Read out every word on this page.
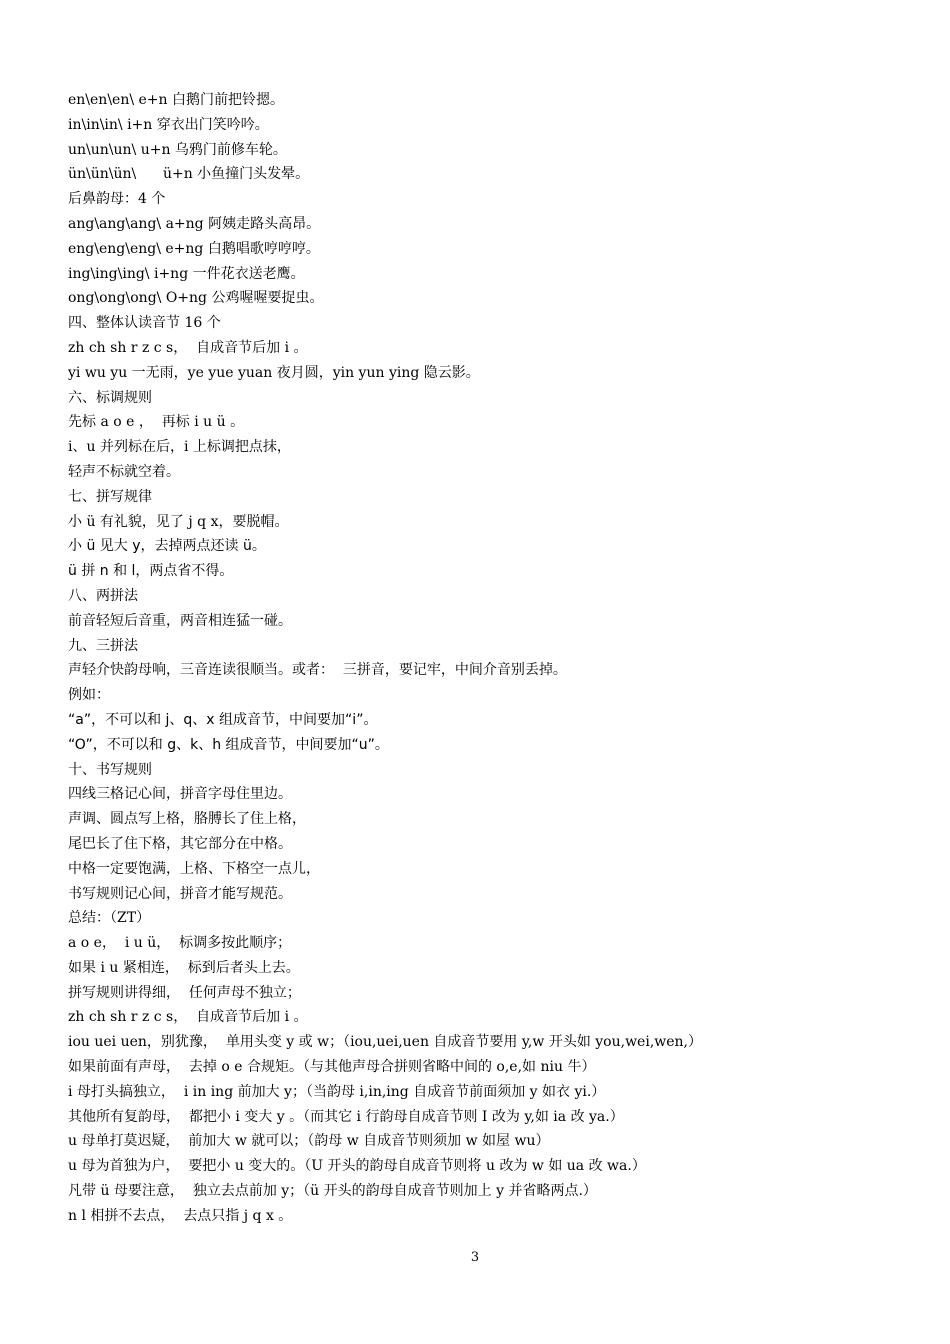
en\en\en\ e+n 白鹅门前把铃摁。
in\in\in\ i+n 穿衣出门笑吟吟。
un\un\un\ u+n 乌鸦门前修车轮。
ün\ün\ün\      ü+n 小鱼撞门头发晕。
后鼻韵母：4 个
ang\ang\ang\ a+ng 阿姨走路头高昂。
eng\eng\eng\ e+ng 白鹅唱歌哼哼哼。
ing\ing\ing\ i+ng 一件花衣送老鹰。
ong\ong\ong\ O+ng 公鸡喔喔要捉虫。
四、整体认读音节 16 个
zh ch sh r z c s，  自成音节后加 i 。
yi wu yu 一无雨，ye yue yuan 夜月圆，yin yun ying 隐云影。
六、标调规则
先标 a o e ，  再标 i u ü 。
i、u 并列标在后，i 上标调把点抹，
轻声不标就空着。
七、拼写规律
小 ü 有礼貌，见了 j q x，要脱帽。
小 ü 见大 y，去掉两点还读 ü。
ü 拼 n 和 l，两点省不得。
八、两拼法
前音轻短后音重，两音相连猛一碰。
九、三拼法
声轻介快韵母响，三音连读很顺当。或者：  三拼音，要记牢，中间介音别丢掉。
例如：
“a”，不可以和 j、q、x 组成音节，中间要加“i”。
“O”，不可以和 g、k、h 组成音节，中间要加“u”。
十、书写规则
四线三格记心间，拼音字母住里边。
声调、圆点写上格，胳膊长了住上格，
尾巴长了住下格，其它部分在中格。
中格一定要饱满，上格、下格空一点儿，
书写规则记心间，拼音才能写规范。
总结：（ZT）
a o e，  i u ü，  标调多按此顺序；
如果 i u 紧相连，  标到后者头上去。
拼写规则讲得细，  任何声母不独立；
zh ch sh r z c s，  自成音节后加 i 。
iou uei uen，别犹豫，  单用头变 y 或 w；（iou,uei,uen 自成音节要用 y,w 开头如 you,wei,wen,）
如果前面有声母，  去掉 o e 合规矩。（与其他声母合拼则省略中间的 o,e,如 niu 牛）
i 母打头搞独立，  i in ing 前加大 y；（当韵母 i,in,ing 自成音节前面须加 y 如衣 yi.）
其他所有复韵母，  都把小 i 变大 y 。（而其它 i 行韵母自成音节则 I 改为 y,如 ia 改 ya.）
u 母单打莫迟疑，  前加大 w 就可以；（韵母 w 自成音节则须加 w 如屋 wu）
u 母为首独为户，  要把小 u 变大的。（U 开头的韵母自成音节则将 u 改为 w 如 ua 改 wa.）
凡带 ü 母要注意，  独立去点前加 y；（ü 开头的韵母自成音节则加上 y 并省略两点.）
n l 相拼不去点，  去点只指 j q x 。
3
